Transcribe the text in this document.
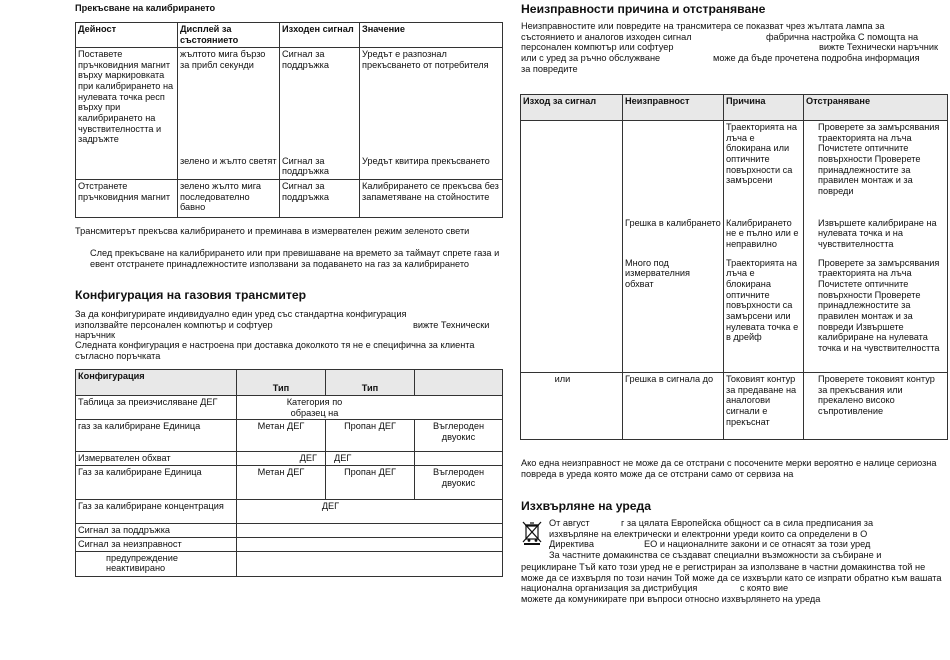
Прекъсване на калибрирането
Дейност	Дисплей за състоянието	Изходен сигнал	Значение
Поставете пръчковидния магнит върху маркировката при калибрирането на нулевата точка респ върху при калибрирането на чувствителността и задръжте	жълтото мига бързо за прибл секунди	Сигнал за поддръжка	Уредът е разпознал прекъсването от потребителя
	зелено и жълто светят	Сигнал за поддръжка	Уредът квитира прекъсването
Отстранете пръчковидния магнит	зелено жълто мига последователно бавно	Сигнал за поддръжка	Калибрирането се прекъсва без запаметяване на стойностите
Трансмитерът прекъсва калибрирането и преминава в измервателен режим зеленото свети
След прекъсване на калибрирането или при превишаване на времето за таймаут спрете газа и евент отстранете принадлежностите използвани за подаването на газ за калибрирането
Конфигурация на газовия трансмитер
За да конфигурирате индивидуално един уред със стандартна конфигурация
използвайте персонален компютър и софтуер	вижте Технически
наръчник
Следната конфигурация е настроена при доставка доколкото тя не е специфична за клиента съгласно поръчката
Конфигурация	Тип	Тип	
Таблица за преизчисляване ДЕГ	Категория по образец на		
газ за калибриране Единица	Метан ДЕГ	Пропан ДЕГ	Въглероден двуокис
Измервателен обхват	ДЕГ	ДЕГ	
Газ за калибриране Единица	Метан ДЕГ	Пропан ДЕГ	Въглероден двуокис
Газ за калибриране концентрация	ДЕГ		
Сигнал за поддръжка			
Сигнал за неизправност			
предупреждение неактивирано			
Неизправности причина и отстраняване
Неизправностите или повредите на трансмитера се показват чрез жълтата лампа за
състоянието и аналогов изходен сигнал	фабрична настройка С помощта на
персонален компютър или софтуер	вижте Технически наръчник
или с уред за ръчно обслужване	може да бъде прочетена подробна информация
за повредите
Изход за сигнал	Неизправност	Причина	Отстраняване
		Траекторията на лъча е блокирана или оптичните повърхности са замърсени	Проверете за замърсявания траекторията на лъча Почистете оптичните повърхности Проверете принадлежностите за правилен монтаж и за повреди
	Грешка в калибрането	Калибрирането не е пълно или е неправилно	Извършете калибриране на нулевата точка и на чувствителността
	Много под измервателния обхват	Траекторията на лъча е блокирана оптичните повърхности са замърсени или нулевата точка е в дрейф	Проверете за замърсявания траекторията на лъча Почистете оптичните повърхности Проверете принадлежностите за правилен монтаж и за повреди Извършете калибриране на нулевата точка и на чувствителността
или	Грешка в сигнала до	Токовият контур за предаване на аналогови сигнали е прекъснат	Проверете токовият контур за прекъсвания или прекалено високо съпротивление
Ако една неизправност не може да се отстрани с посочените мерки вероятно е налице сериозна повреда в уреда която може да се отстрани само от сервиза на
Изхвърляне на уреда
От август	г за цялата Европейска общност са в сила предписания за
изхвърляне на електрически и електронни уреди които са определени в О
Директива	ЕО и националните закони и се отнасят за този уред
За частните домакинства се създават специални възможности за събиране и
рециклиране Тъй като този уред не е регистриран за използване в частни домакинства той не може да се изхвърля по този начин Той може да се изхвърли като се изпрати обратно към вашата национална организация за дистрибуция	с която вие
можете да комуникирате при въпроси относно изхвърлянето на уреда
